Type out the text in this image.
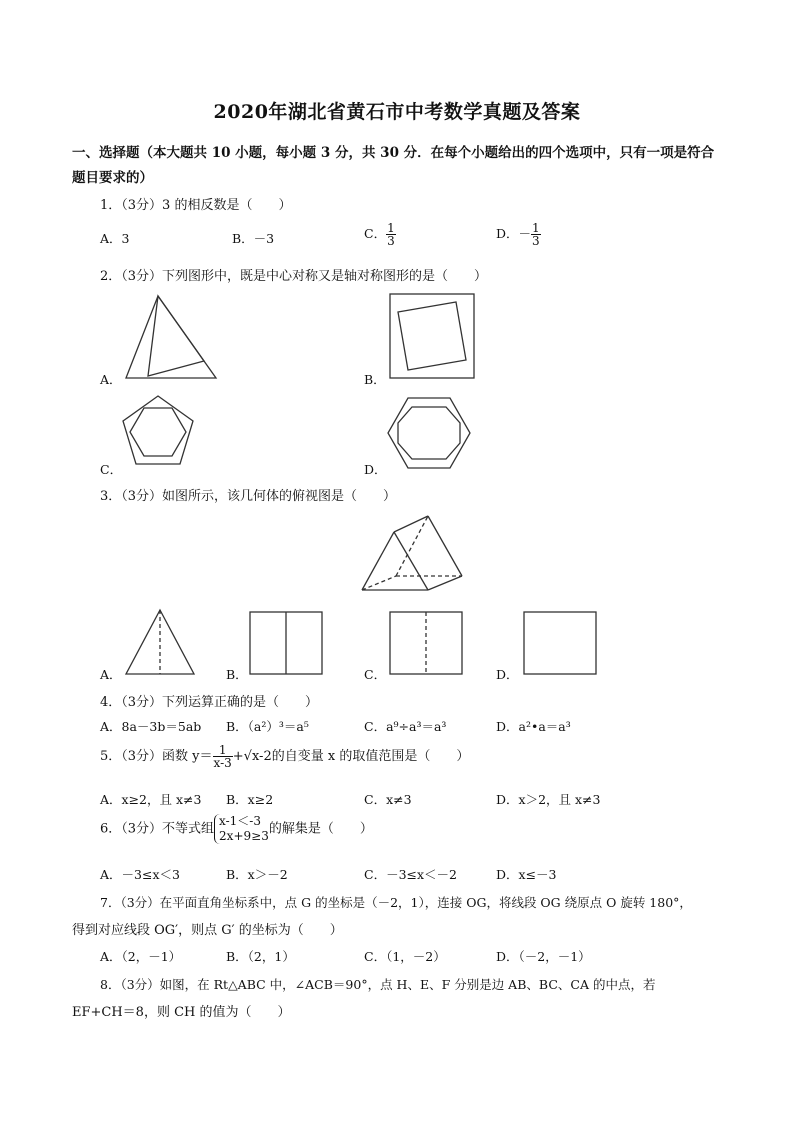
2020年湖北省黄石市中考数学真题及答案
一、选择题（本大题共 10 小题，每小题 3 分，共 30 分．在每个小题给出的四个选项中，只有一项是符合
题目要求的）
1．（3分）3 的相反数是（　　）
A．3	B．－3	C． $\frac{1}{3}$	D．－ $\frac{1}{3}$
2．（3分）下列图形中，既是中心对称又是轴对称图形的是（　　）
A．	B．
C．	D．
3．（3分）如图所示，该几何体的俯视图是（　　）
A．	B．	C．	D．
4．（3分）下列运算正确的是（　　）
A．8a－3b＝5ab B．（a²）³＝a⁵	C．a⁹÷a³＝a³	D．a²•a＝a³
5．（3分）函数 $y= \frac{1}{x-3} +√x-2$的自变量 x 的取值范围是（　　）
A．x≥2，且 x≠3 B．x≥2	C．x≠3	D．x＞2，且 x≠3
6．（3分）不等式组
x-1＜-3
2x+9≥3 的解集是（　　）
A．－3≤x＜3	B．x＞－2	C．－3≤x＜－2	D．x≤－3
7．（3分）在平面直角坐标系中，点 G 的坐标是（－2，1），连接 OG，将线段 OG 绕原点 O 旋转 180°，
得到对应线段 OG′，则点 G′ 的坐标为（　　）
A．（2，－1）	B．（2，1）	C．（1，－2）	D．（－2，－1）
8．（3分）如图，在 Rt△ABC 中，∠ACB＝90°，点 H、E、F 分别是边 AB、BC、CA 的中点，若
EF+CH＝8，则 CH 的值为（　　）
